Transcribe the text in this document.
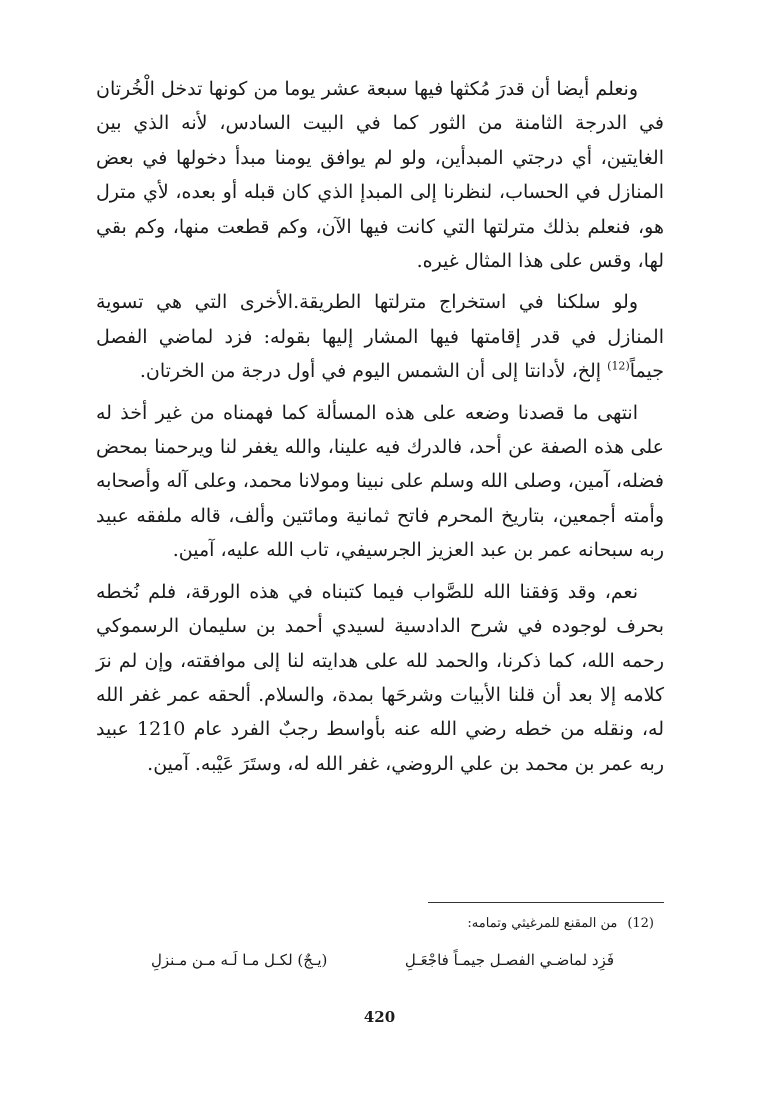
ونعلم أيضا أن قدرَ مُكثها فيها سبعة عشر يوما من كونها تدخل الْخُرتان في الدرجة الثامنة من الثور كما في البيت السادس، لأنه الذي بين الغايتين، أي درجتي المبدأين، ولو لم يوافق يومنا مبدأ دخولها في بعض المنازل في الحساب، لنظرنا إلى المبدإ الذي كان قبله أو بعده، لأي مترل هو، فنعلم بذلك مترلتها التي كانت فيها الآن، وكم قطعت منها، وكم بقي لها، وقس على هذا المثال غيره.

ولو سلكنا في استخراج مترلتها الطريقة.الأخرى التي هي تسوية المنازل في قدر إقامتها فيها المشار إليها بقوله: فزد لماضي الفصل جيماً$^{(12)}$ إلخ، لأدانتا إلى أن الشمس اليوم في أول درجة من الخرتان.

انتهى ما قصدنا وضعه على هذه المسألة كما فهمناه من غير أخذ له على هذه الصفة عن أحد، فالدرك فيه علينا، والله يغفر لنا ويرحمنا بمحض فضله، آمين، وصلى الله وسلم على نبينا ومولانا محمد، وعلى آله وأصحابه وأمته أجمعين، بتاريخ المحرم فاتح ثمانية ومائتين وألف، قاله ملفقه عبيد ربه سبحانه عمر بن عبد العزيز الجرسيفي، تاب الله عليه، آمين.

نعم، وقد وَفقنا الله للصَّواب فيما كتبناه في هذه الورقة، فلم نُخطه بحرف لوجوده في شرح الدادسية لسيدي أحمد بن سليمان الرسموكي رحمه الله، كما ذكرنا، والحمد لله على هدايته لنا إلى موافقته، وإن لم نرَ كلامه إلا بعد أن قلنا الأبيات وشرحَها بمدة، والسلام. ألحقه عمر غفر الله له، ونقله من خطه رضي الله عنه بأواسط رجبٌ الفرد عام 1210 عبيد ربه عمر بن محمد بن علي الروضي، غفر الله له، وستَرَ عَيْبه. آمين.

(12)
من المقنع للمرغيثي وتمامه:
فَزِد لماضـي الفصـل جيمـاً فاجْعَـلِ
(يـجٌ) لكـل مـا لَـه مـن مـنزلِ
420
